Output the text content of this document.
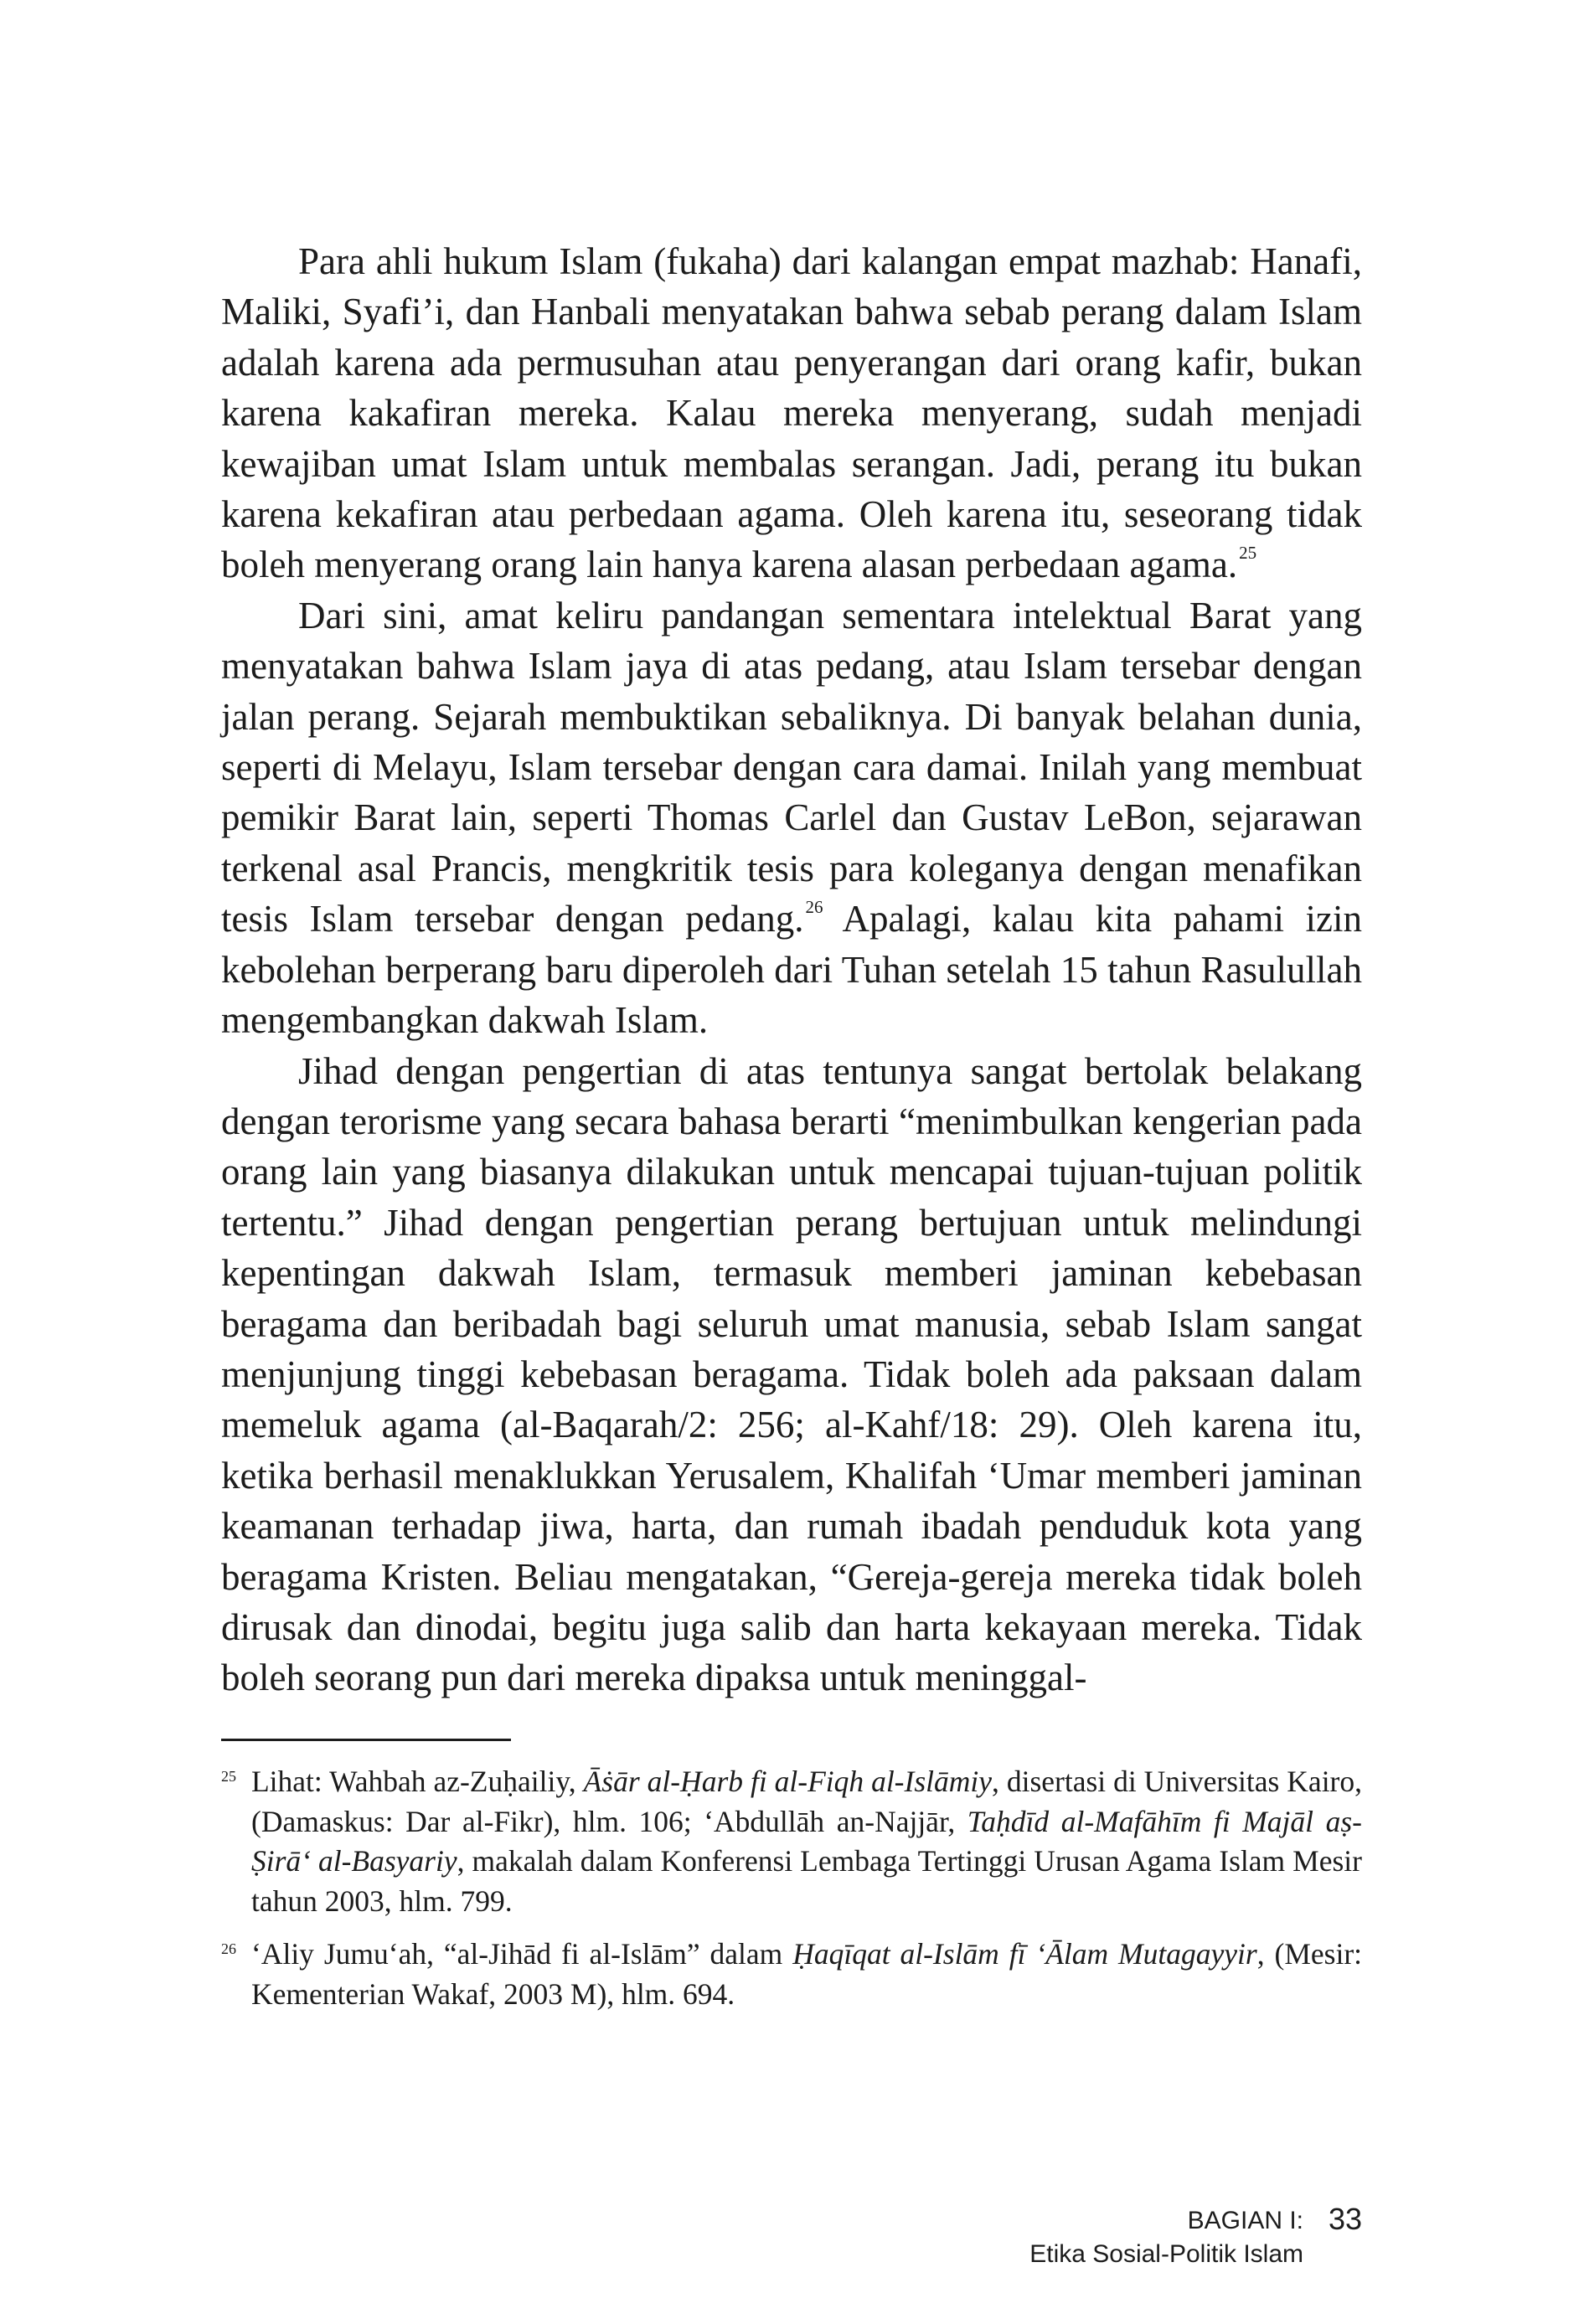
Para ahli hukum Islam (fukaha) dari kalangan empat mazhab: Hanafi, Maliki, Syafi’i, dan Hanbali menyatakan bahwa sebab perang dalam Islam adalah karena ada permusuhan atau penyerangan dari orang kafir, bukan karena kakafiran mereka. Kalau mereka menyerang, sudah menjadi kewajiban umat Islam untuk membalas serangan. Jadi, perang itu bukan karena kekafiran atau perbedaan agama. Oleh karena itu, seseorang tidak boleh menyerang orang lain hanya karena alasan perbedaan agama.$^{25}$

Dari sini, amat keliru pandangan sementara intelektual Barat yang menyatakan bahwa Islam jaya di atas pedang, atau Islam tersebar dengan jalan perang. Sejarah membuktikan sebaliknya. Di banyak belahan dunia, seperti di Melayu, Islam tersebar dengan cara damai. Inilah yang membuat pemikir Barat lain, seperti Thomas Carlel dan Gustav LeBon, sejarawan terkenal asal Prancis, mengkritik tesis para koleganya dengan menafikan tesis Islam tersebar dengan pedang.$^{26}$ Apalagi, kalau kita pahami izin kebolehan berperang baru diperoleh dari Tuhan setelah 15 tahun Rasulullah mengembangkan dakwah Islam.

Jihad dengan pengertian di atas tentunya sangat bertolak belakang dengan terorisme yang secara bahasa berarti “menimbulkan kengerian pada orang lain yang biasanya dilakukan untuk mencapai tujuan-tujuan politik tertentu.” Jihad dengan pengertian perang bertujuan untuk melindungi kepentingan dakwah Islam, termasuk memberi jaminan kebebasan beragama dan beribadah bagi seluruh umat manusia, sebab Islam sangat menjunjung tinggi kebebasan beragama. Tidak boleh ada paksaan dalam memeluk agama (al-Baqarah/2: 256; al-Kahf/18: 29). Oleh karena itu, ketika berhasil menaklukkan Yerusalem, Khalifah ‘Umar memberi jaminan keamanan terhadap jiwa, harta, dan rumah ibadah penduduk kota yang beragama Kristen. Beliau mengatakan, “Gereja-gereja mereka tidak boleh dirusak dan dinodai, begitu juga salib dan harta kekayaan mereka. Tidak boleh seorang pun dari mereka dipaksa untuk meninggal-

25 Lihat: Wahbah az-Zuḥailiy, Āṡār al-Ḥarb fi al-Fiqh al-Islāmiy, disertasi di Universitas Kairo, (Damaskus: Dar al-Fikr), hlm. 106; ‘Abdullāh an-Najjār, Taḥdīd al-Mafāhīm fi Majāl aṣ-Ṣirā‘ al-Basyariy, makalah dalam Konferensi Lembaga Tertinggi Urusan Agama Islam Mesir tahun 2003, hlm. 799.
26 ‘Aliy Jumu‘ah, “al-Jihād fi al-Islām” dalam Ḥaqīqat al-Islām fī ‘Ālam Mutagayyir, (Mesir: Kementerian Wakaf, 2003 M), hlm. 694.
BAGIAN I:
Etika Sosial-Politik Islam
33
